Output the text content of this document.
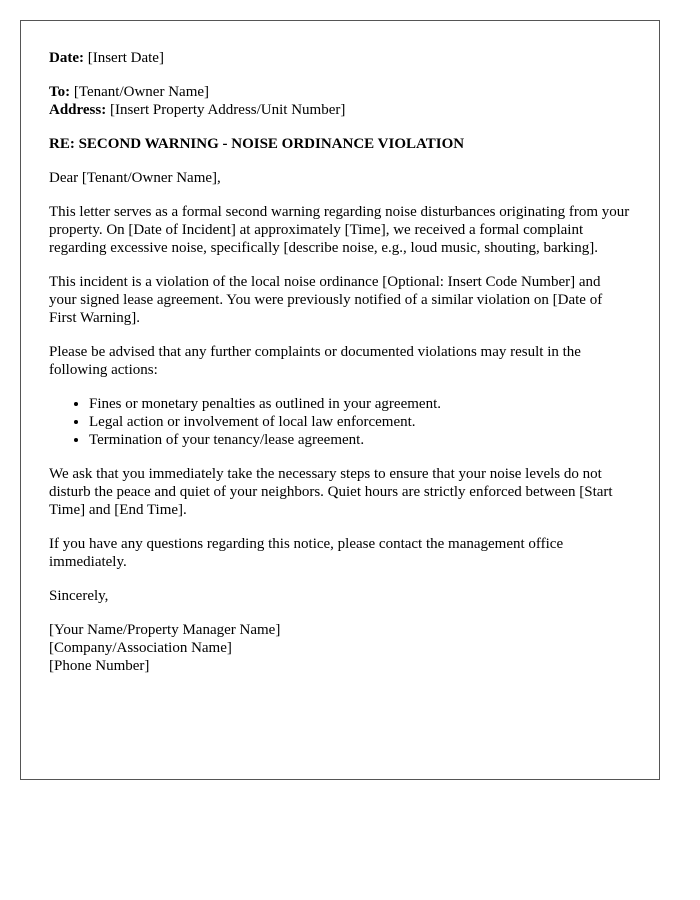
Date: [Insert Date]

To: [Tenant/Owner Name]

Address: [Insert Property Address/Unit Number]

RE: SECOND WARNING - NOISE ORDINANCE VIOLATION

Dear [Tenant/Owner Name],

This letter serves as a formal second warning regarding noise disturbances originating from your property. On [Date of Incident] at approximately [Time], we received a formal complaint regarding excessive noise, specifically [describe noise, e.g., loud music, shouting, barking].

This incident is a violation of the local noise ordinance [Optional: Insert Code Number] and your signed lease agreement. You were previously notified of a similar violation on [Date of First Warning].

Please be advised that any further complaints or documented violations may result in the following actions:

• Fines or monetary penalties as outlined in your agreement.
• Legal action or involvement of local law enforcement.
• Termination of your tenancy/lease agreement.

We ask that you immediately take the necessary steps to ensure that your noise levels do not disturb the peace and quiet of your neighbors. Quiet hours are strictly enforced between [Start Time] and [End Time].

If you have any questions regarding this notice, please contact the management office immediately.

Sincerely,

[Your Name/Property Manager Name]

[Company/Association Name]

[Phone Number]
